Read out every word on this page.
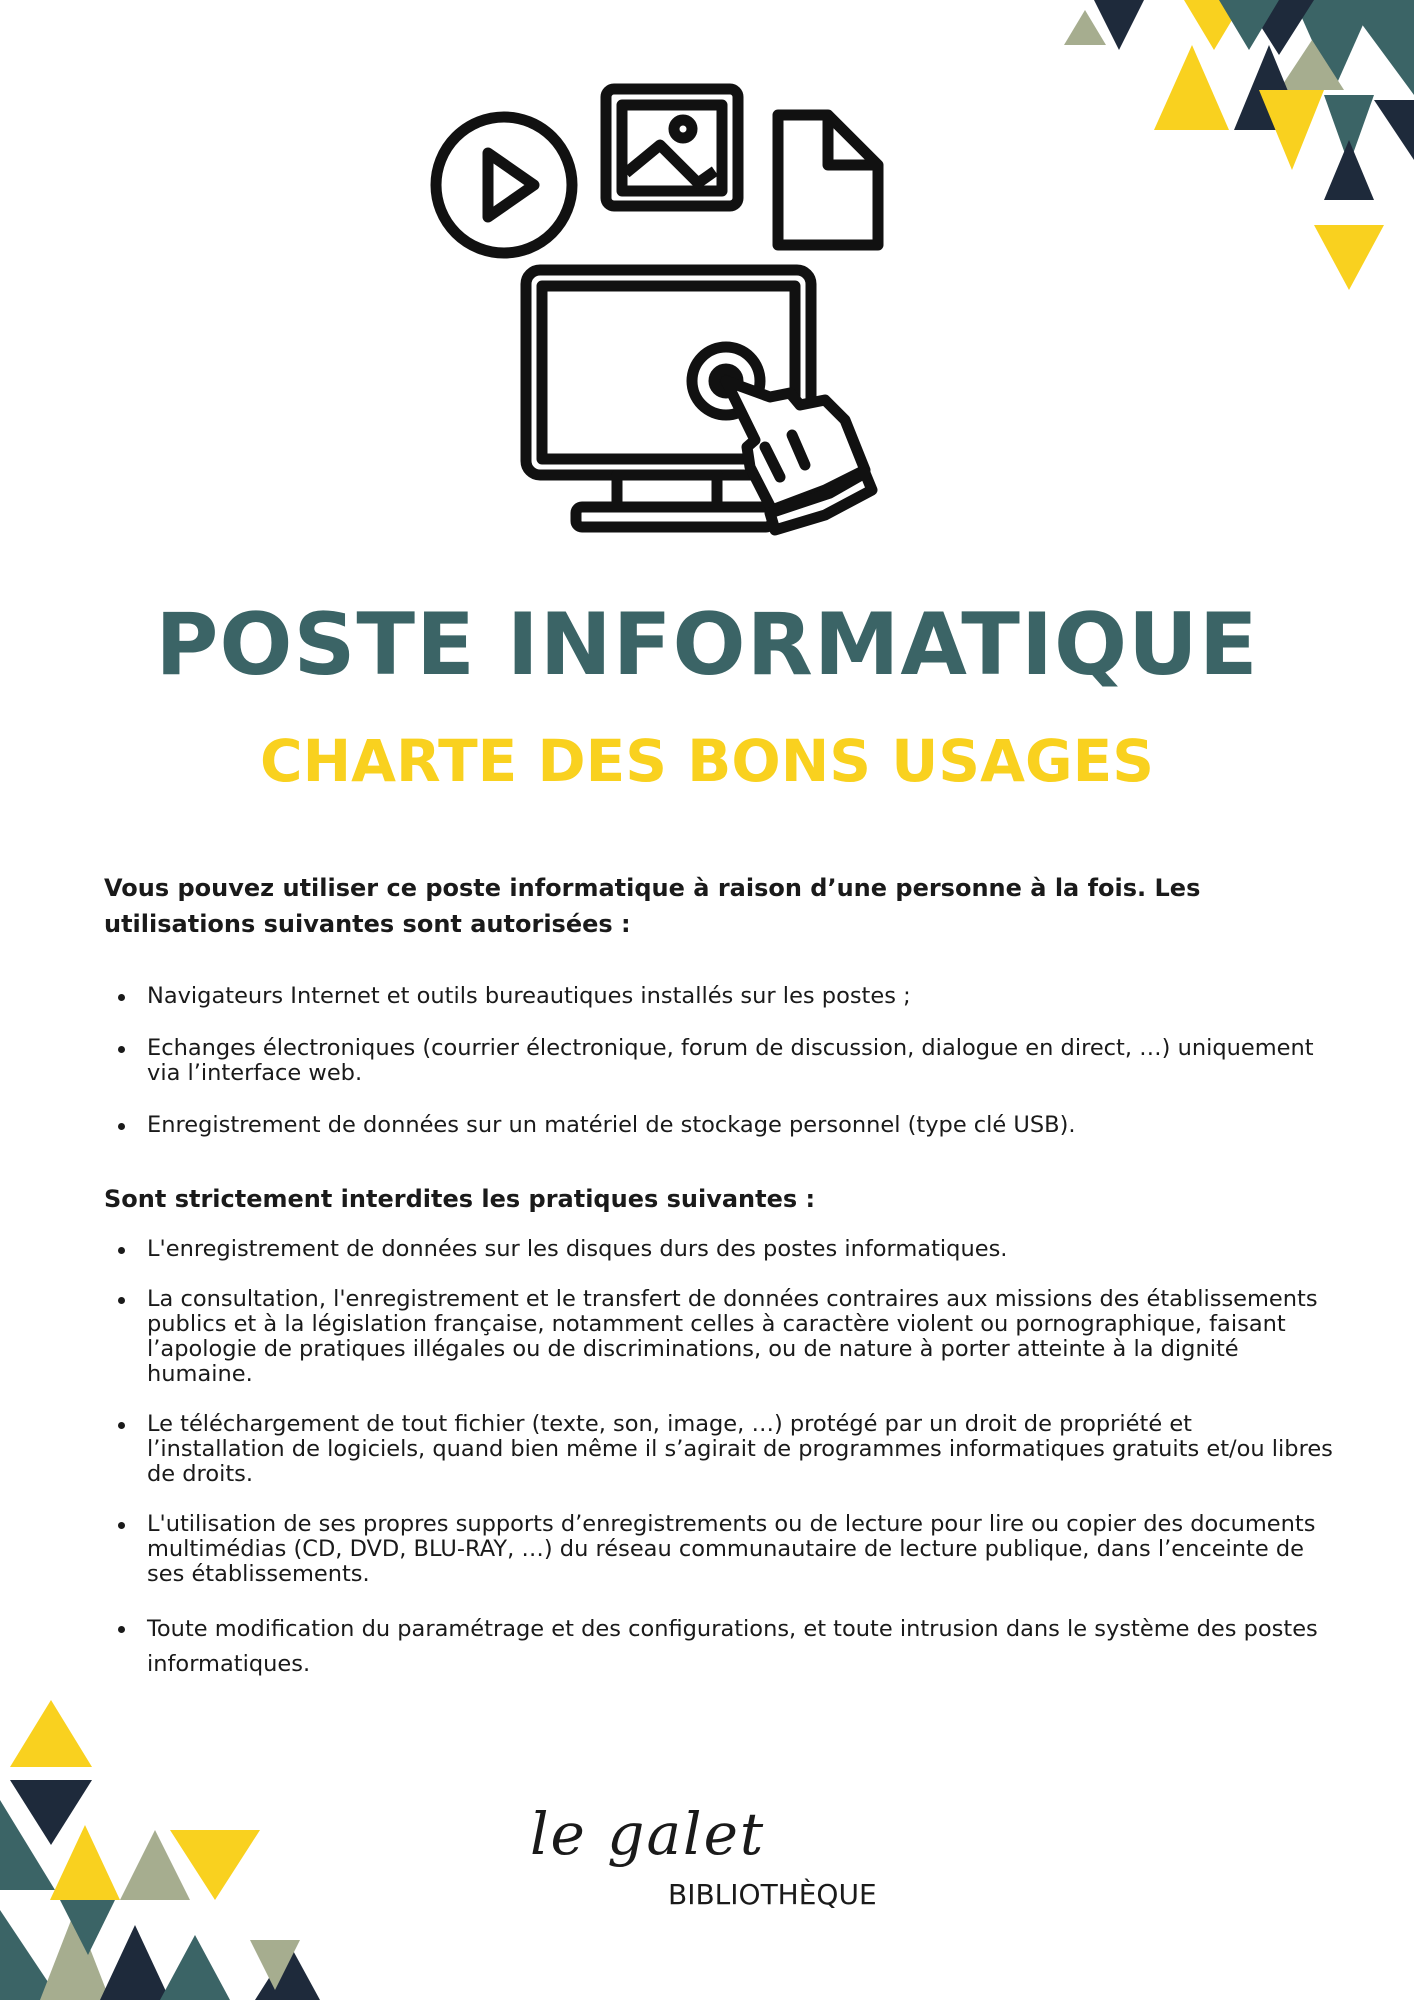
POSTE INFORMATIQUE
CHARTE DES BONS USAGES

Vous pouvez utiliser ce poste informatique à raison d’une personne à la fois. Les utilisations suivantes sont autorisées :

Navigateurs Internet et outils bureautiques installés sur les postes ;
Echanges électroniques (courrier électronique, forum de discussion, dialogue en direct, …) uniquement via l’interface web.
Enregistrement de données sur un matériel de stockage personnel (type clé USB).

Sont strictement interdites les pratiques suivantes :

L'enregistrement de données sur les disques durs des postes informatiques.
La consultation, l'enregistrement et le transfert de données contraires aux missions des établissements publics et à la législation française, notamment celles à caractère violent ou pornographique, faisant l’apologie de pratiques illégales ou de discriminations, ou de nature à porter atteinte à la dignité humaine.
Le téléchargement de tout fichier (texte, son, image, …) protégé par un droit de propriété et l’installation de logiciels, quand bien même il s’agirait de programmes informatiques gratuits et/ou libres de droits.
L'utilisation de ses propres supports d’enregistrements ou de lecture pour lire ou copier des documents multimédias (CD, DVD, BLU-RAY, …) du réseau communautaire de lecture publique, dans l’enceinte de ses établissements.
Toute modification du paramétrage et des configurations, et toute intrusion dans le système des postes informatiques.

le galet

BIBLIOTHÈQUE
